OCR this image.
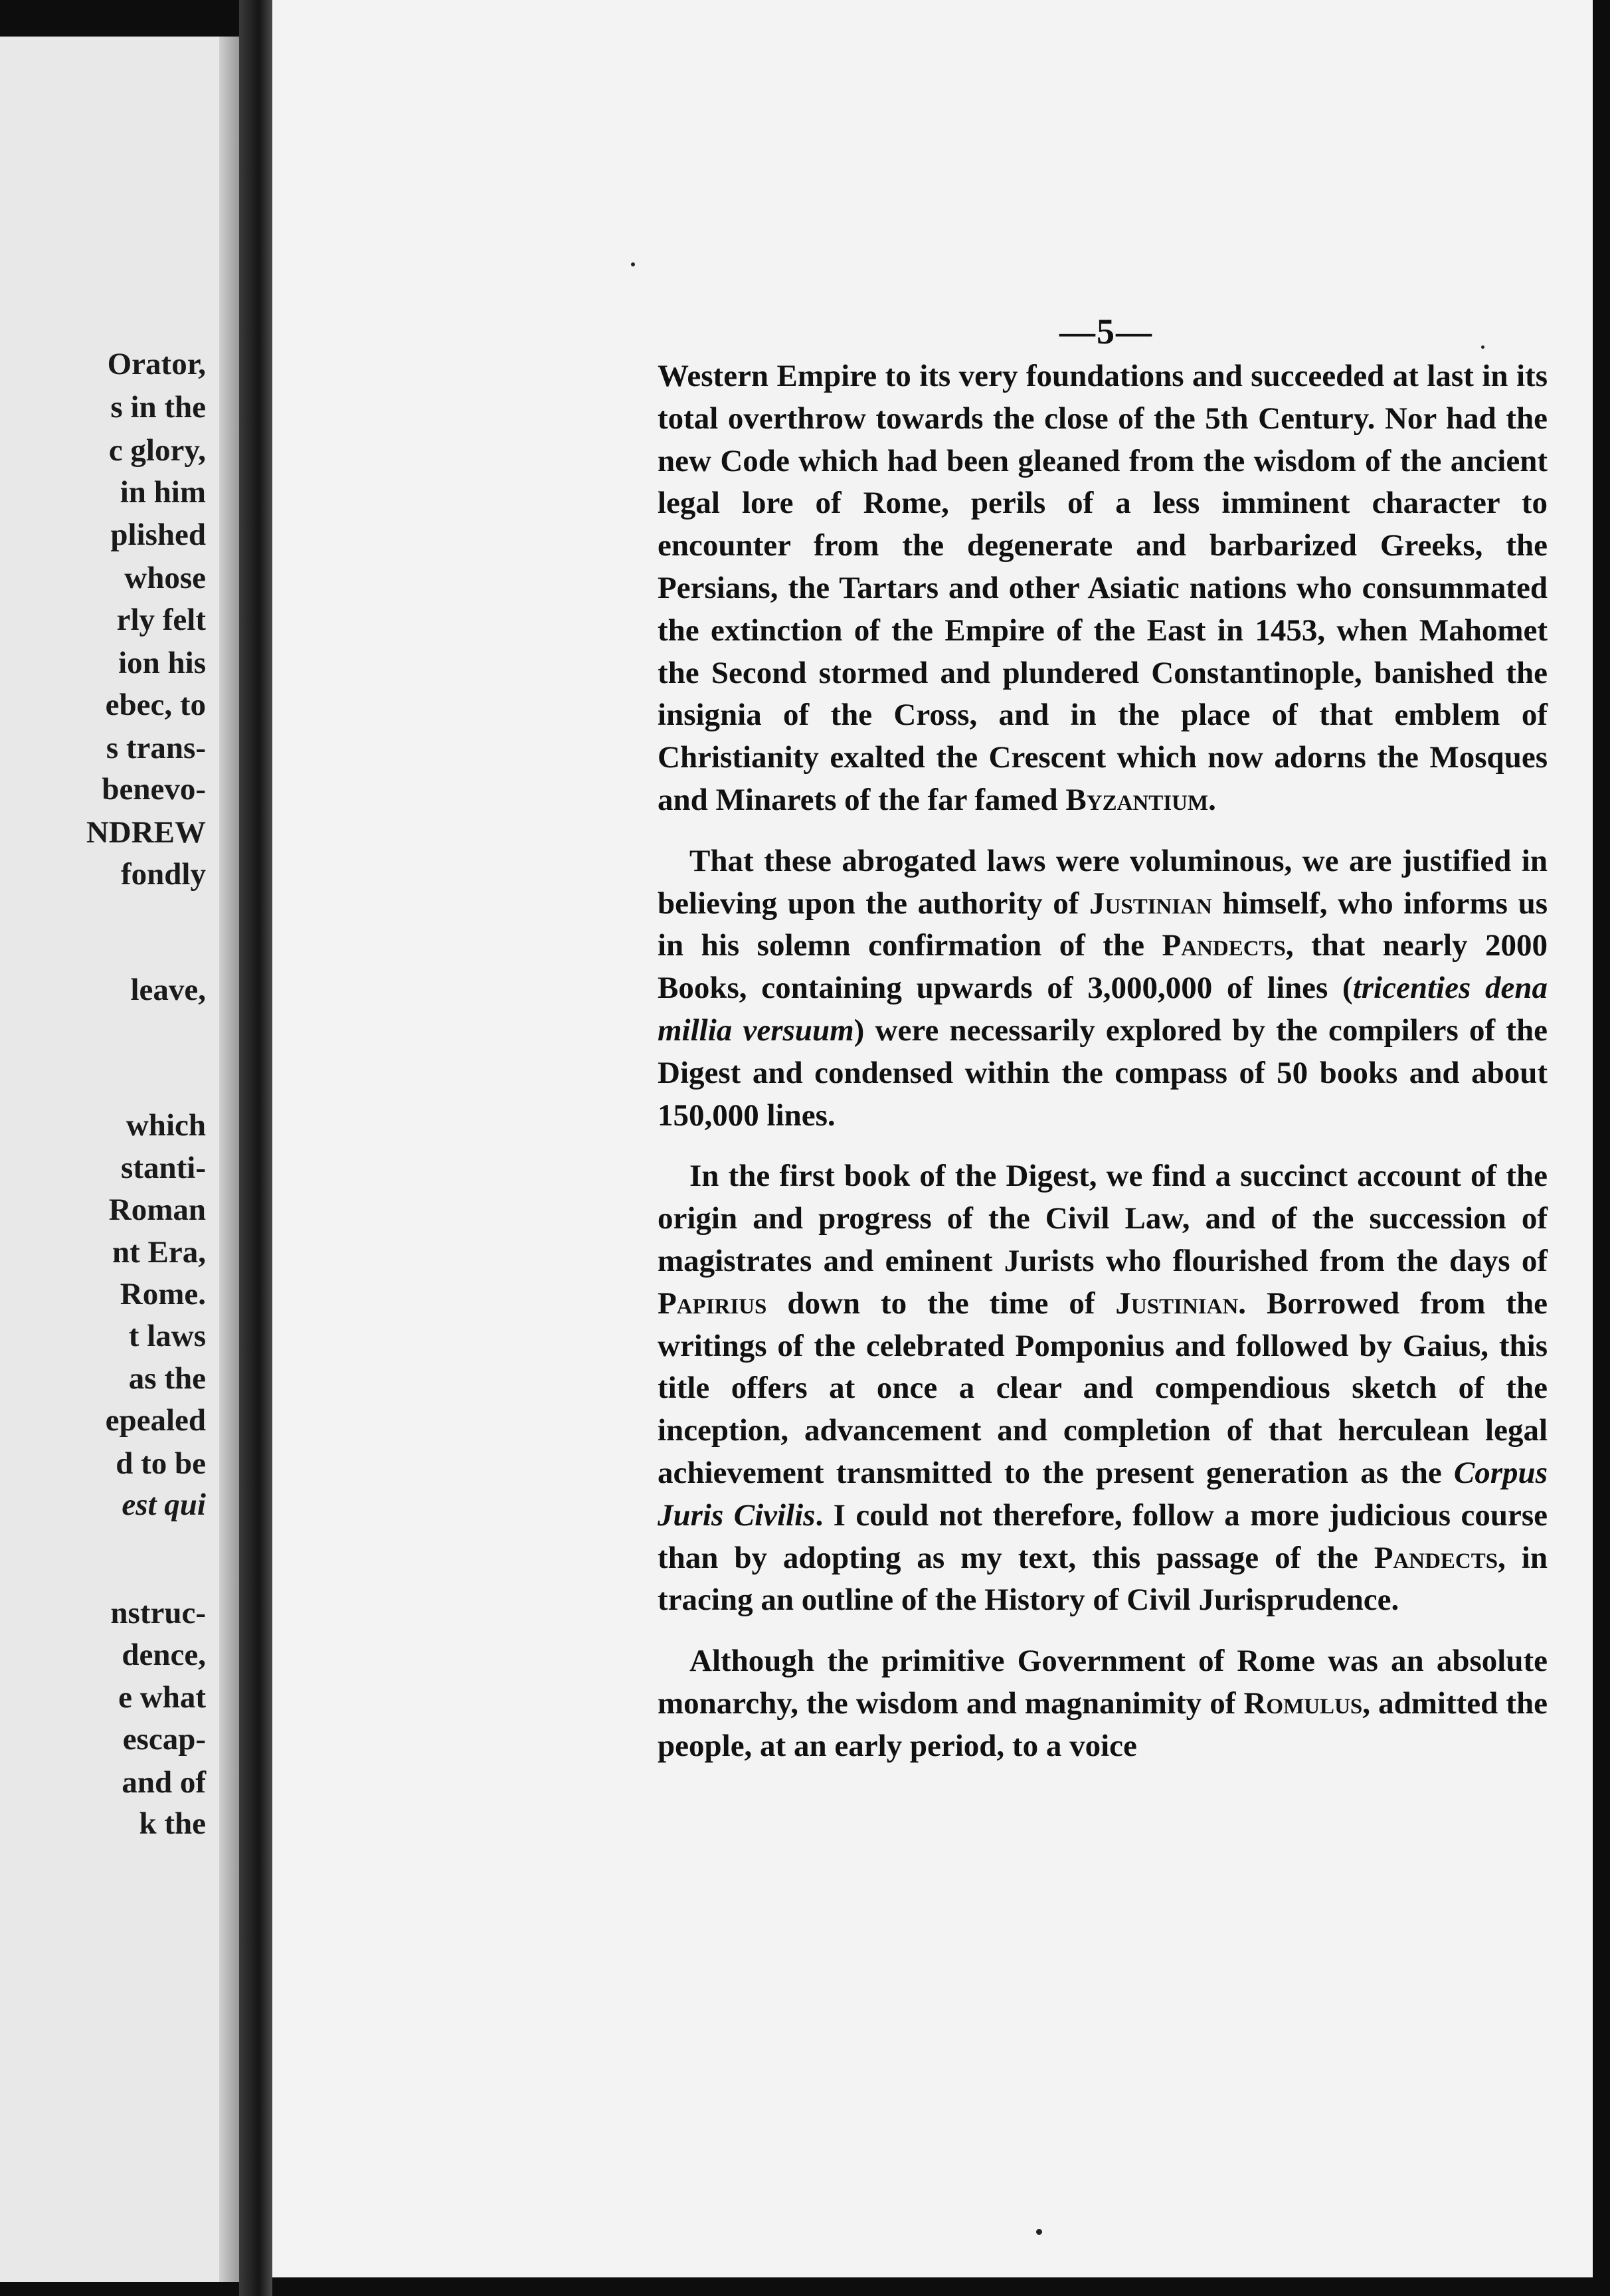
Orator,
s in the
c glory,
in him
plished
whose
rly felt
ion his
ebec, to
s trans-
benevo-
NDREW
fondly
leave,
which
stanti-
Roman
nt Era,
Rome.
t laws
as the
epealed
d to be
est qui
nstruc-
dence,
e what
escap-
and of
k the
—5—

Western Empire to its very foundations and succeeded at last in its total overthrow towards the close of the 5th Century. Nor had the new Code which had been gleaned from the wisdom of the ancient legal lore of Rome, perils of a less imminent character to encounter from the degenerate and barbarized Greeks, the Persians, the Tartars and other Asiatic nations who consummated the extinction of the Empire of the East in 1453, when Mahomet the Second stormed and plundered Constantinople, banished the insignia of the Cross, and in the place of that emblem of Christianity exalted the Crescent which now adorns the Mosques and Minarets of the far famed Byzantium.

That these abrogated laws were voluminous, we are justified in believing upon the authority of Justinian himself, who informs us in his solemn confirmation of the Pandects, that nearly 2000 Books, containing upwards of 3,000,000 of lines (tricenties dena millia versuum) were necessarily explored by the compilers of the Digest and condensed within the compass of 50 books and about 150,000 lines.

In the first book of the Digest, we find a succinct account of the origin and progress of the Civil Law, and of the succession of magistrates and eminent Jurists who flourished from the days of Papirius down to the time of Justinian. Borrowed from the writings of the celebrated Pomponius and followed by Gaius, this title offers at once a clear and compendious sketch of the inception, advancement and completion of that herculean legal achievement transmitted to the present generation as the Corpus Juris Civilis. I could not therefore, follow a more judicious course than by adopting as my text, this passage of the Pandects, in tracing an outline of the History of Civil Jurisprudence.

Although the primitive Government of Rome was an absolute monarchy, the wisdom and magnanimity of Romulus, admitted the people, at an early period, to a voice
